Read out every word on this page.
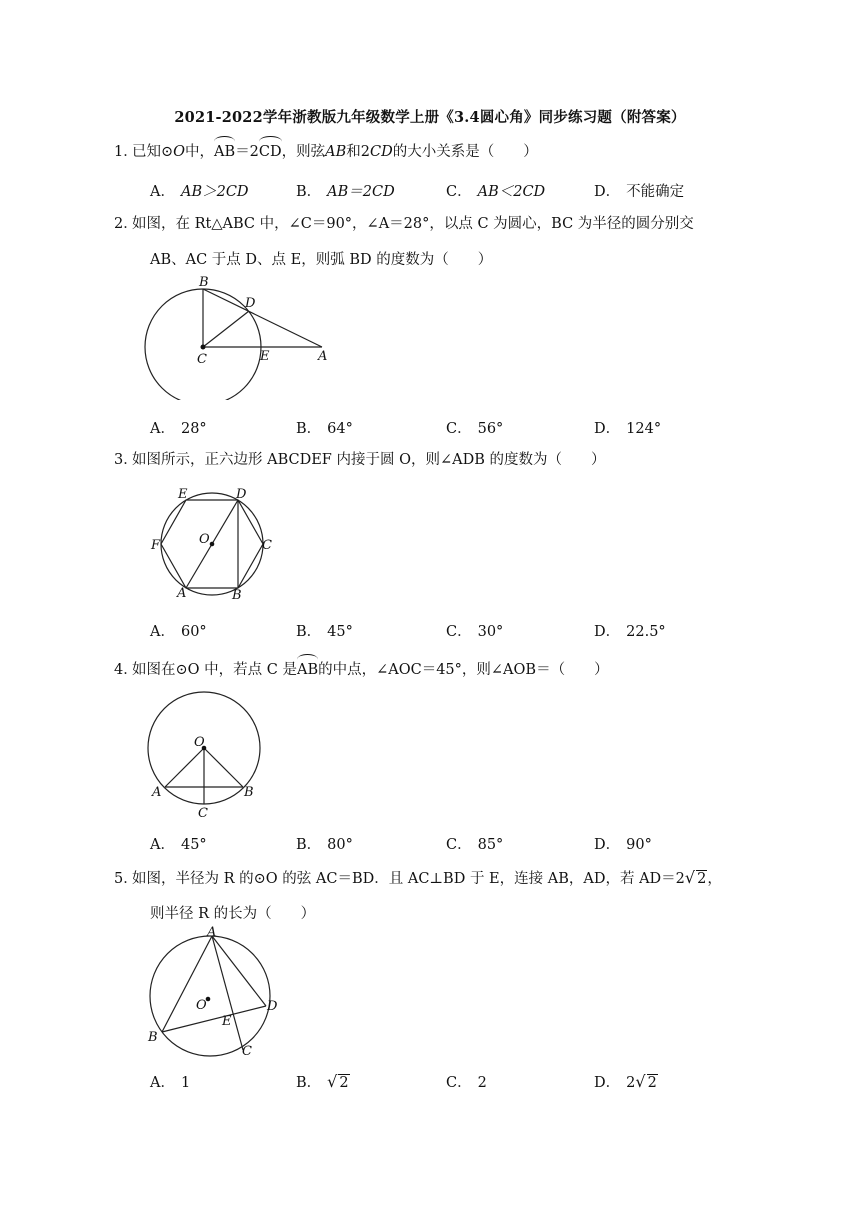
2021-2022学年浙教版九年级数学上册《3.4圆心角》同步练习题（附答案）
1．已知⊙O中，AB＝2CD，则弦AB和2CD的大小关系是（　　）
A． AB＞2CD	B． AB＝2CD	C． AB＜2CD	D． 不能确定
2．如图，在 Rt△ABC 中，∠C＝90°，∠A＝28°，以点 C 为圆心，BC 为半径的圆分别交
AB、AC 于点 D、点 E，则弧 BD 的度数为（　　）
B
D
C	E	A
A． 28°	B． 64°	C． 56°	D． 124°
3．如图所示，正六边形 ABCDEF 内接于圆 O，则∠ADB 的度数为（　　）
E	D
F	O	C
A	B
A． 60°	B． 45°	C． 30°	D． 22.5°
4．如图在⊙O 中，若点 C 是AB的中点，∠AOC＝45°，则∠AOB＝（　　）
O
A
C
B
A． 45°	B． 80°	C． 85°	D． 90°
5．如图，半径为 R 的⊙O 的弦 AC＝BD．且 AC⊥BD 于 E，连接 AB，AD，若 AD＝2√ 2，
则半径 R 的长为（　　）
A
O	D
E
B
C
A． 1	B． √ 2	C． 2	D． 2√ 2
